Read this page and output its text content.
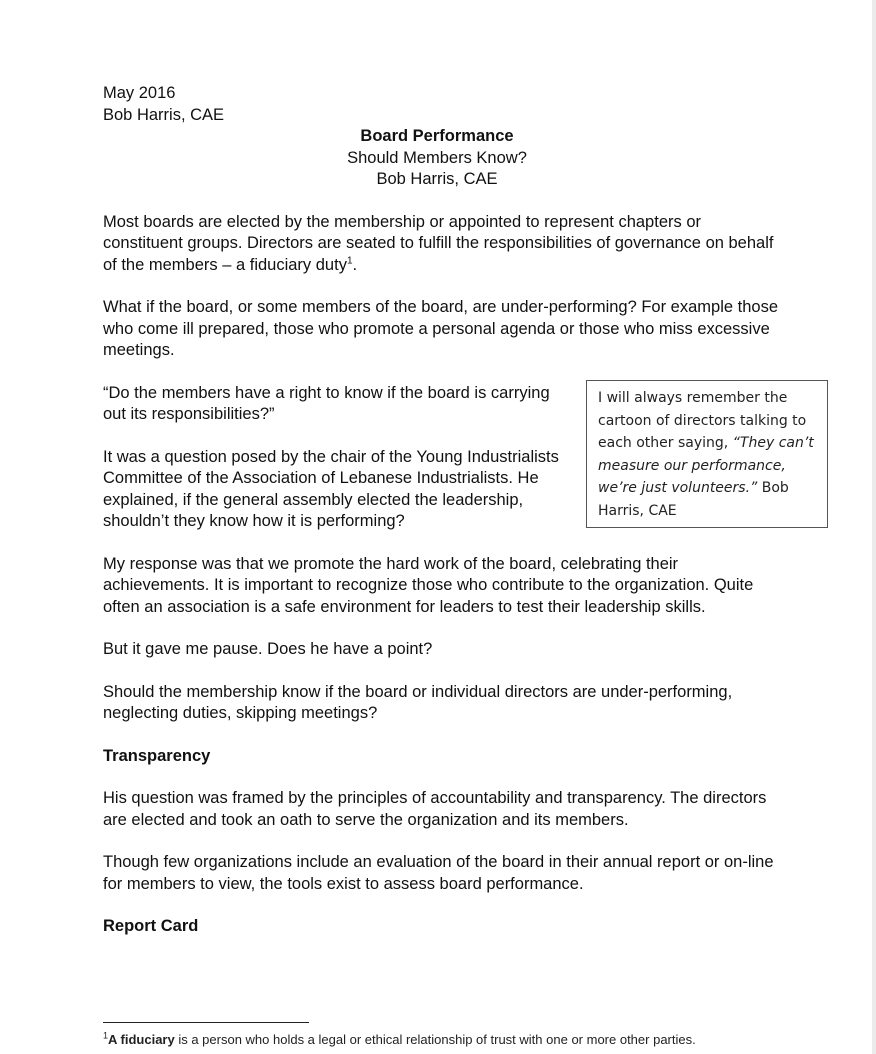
May 2016
Bob Harris, CAE
Board Performance
Should Members Know?
Bob Harris, CAE

Most boards are elected by the membership or appointed to represent chapters or constituent groups. Directors are seated to fulfill the responsibilities of governance on behalf of the members – a fiduciary duty$^1$.

What if the board, or some members of the board, are under-performing? For example those who come ill prepared, those who promote a personal agenda or those who miss excessive meetings.

“Do the members have a right to know if the board is carrying out its responsibilities?”

It was a question posed by the chair of the Young Industrialists Committee of the Association of Lebanese Industrialists. He explained, if the general assembly elected the leadership, shouldn’t they know how it is performing?

My response was that we promote the hard work of the board, celebrating their achievements. It is important to recognize those who contribute to the organization. Quite often an association is a safe environment for leaders to test their leadership skills.

But it gave me pause. Does he have a point?

Should the membership know if the board or individual directors are under-performing, neglecting duties, skipping meetings?

Transparency

His question was framed by the principles of accountability and transparency. The directors are elected and took an oath to serve the organization and its members.

Though few organizations include an evaluation of the board in their annual report or on-line for members to view, the tools exist to assess board performance.

Report Card

I will always remember the cartoon of directors talking to each other saying, “They can’t measure our performance, we’re just volunteers.” Bob Harris, CAE
$^1$A fiduciary is a person who holds a legal or ethical relationship of trust with one or more other parties.
